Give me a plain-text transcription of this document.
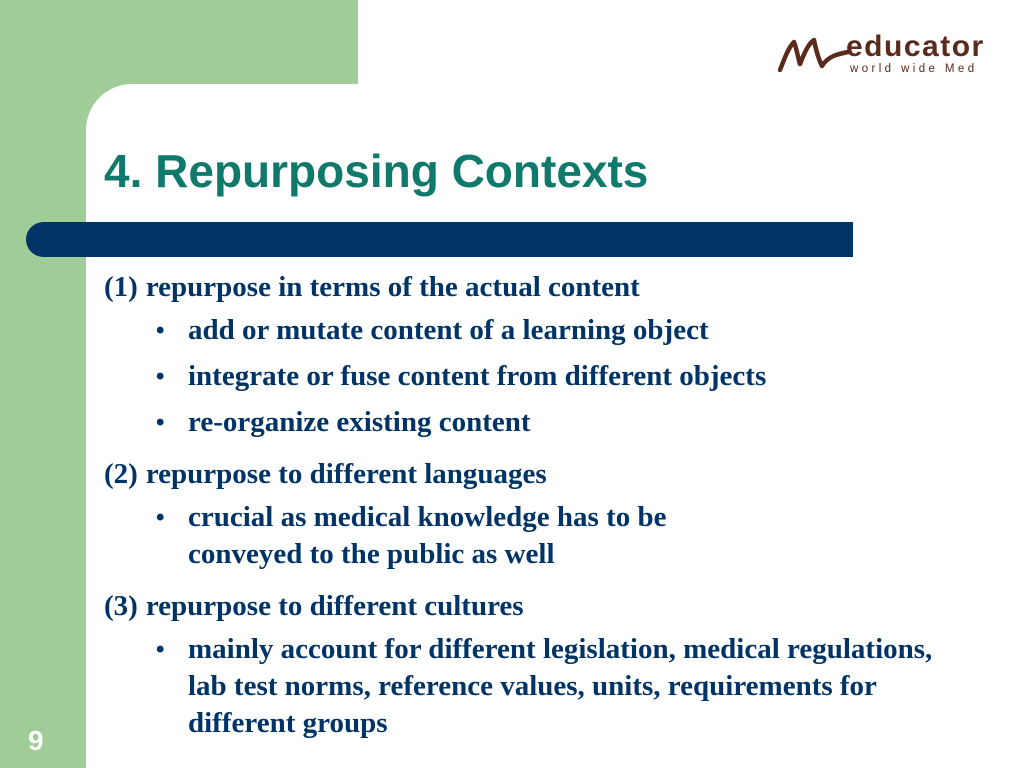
educator

world wide Med

4. Repurposing Contexts

(1) repurpose in terms of the actual content

• add or mutate content of a learning object
• integrate or fuse content from different objects
• re-organize existing content

(2) repurpose to different languages

• crucial as medical knowledge has to be conveyed to the public as well

(3) repurpose to different cultures

• mainly account for different legislation, medical regulations, lab test norms, reference values, units, requirements for different groups

9
